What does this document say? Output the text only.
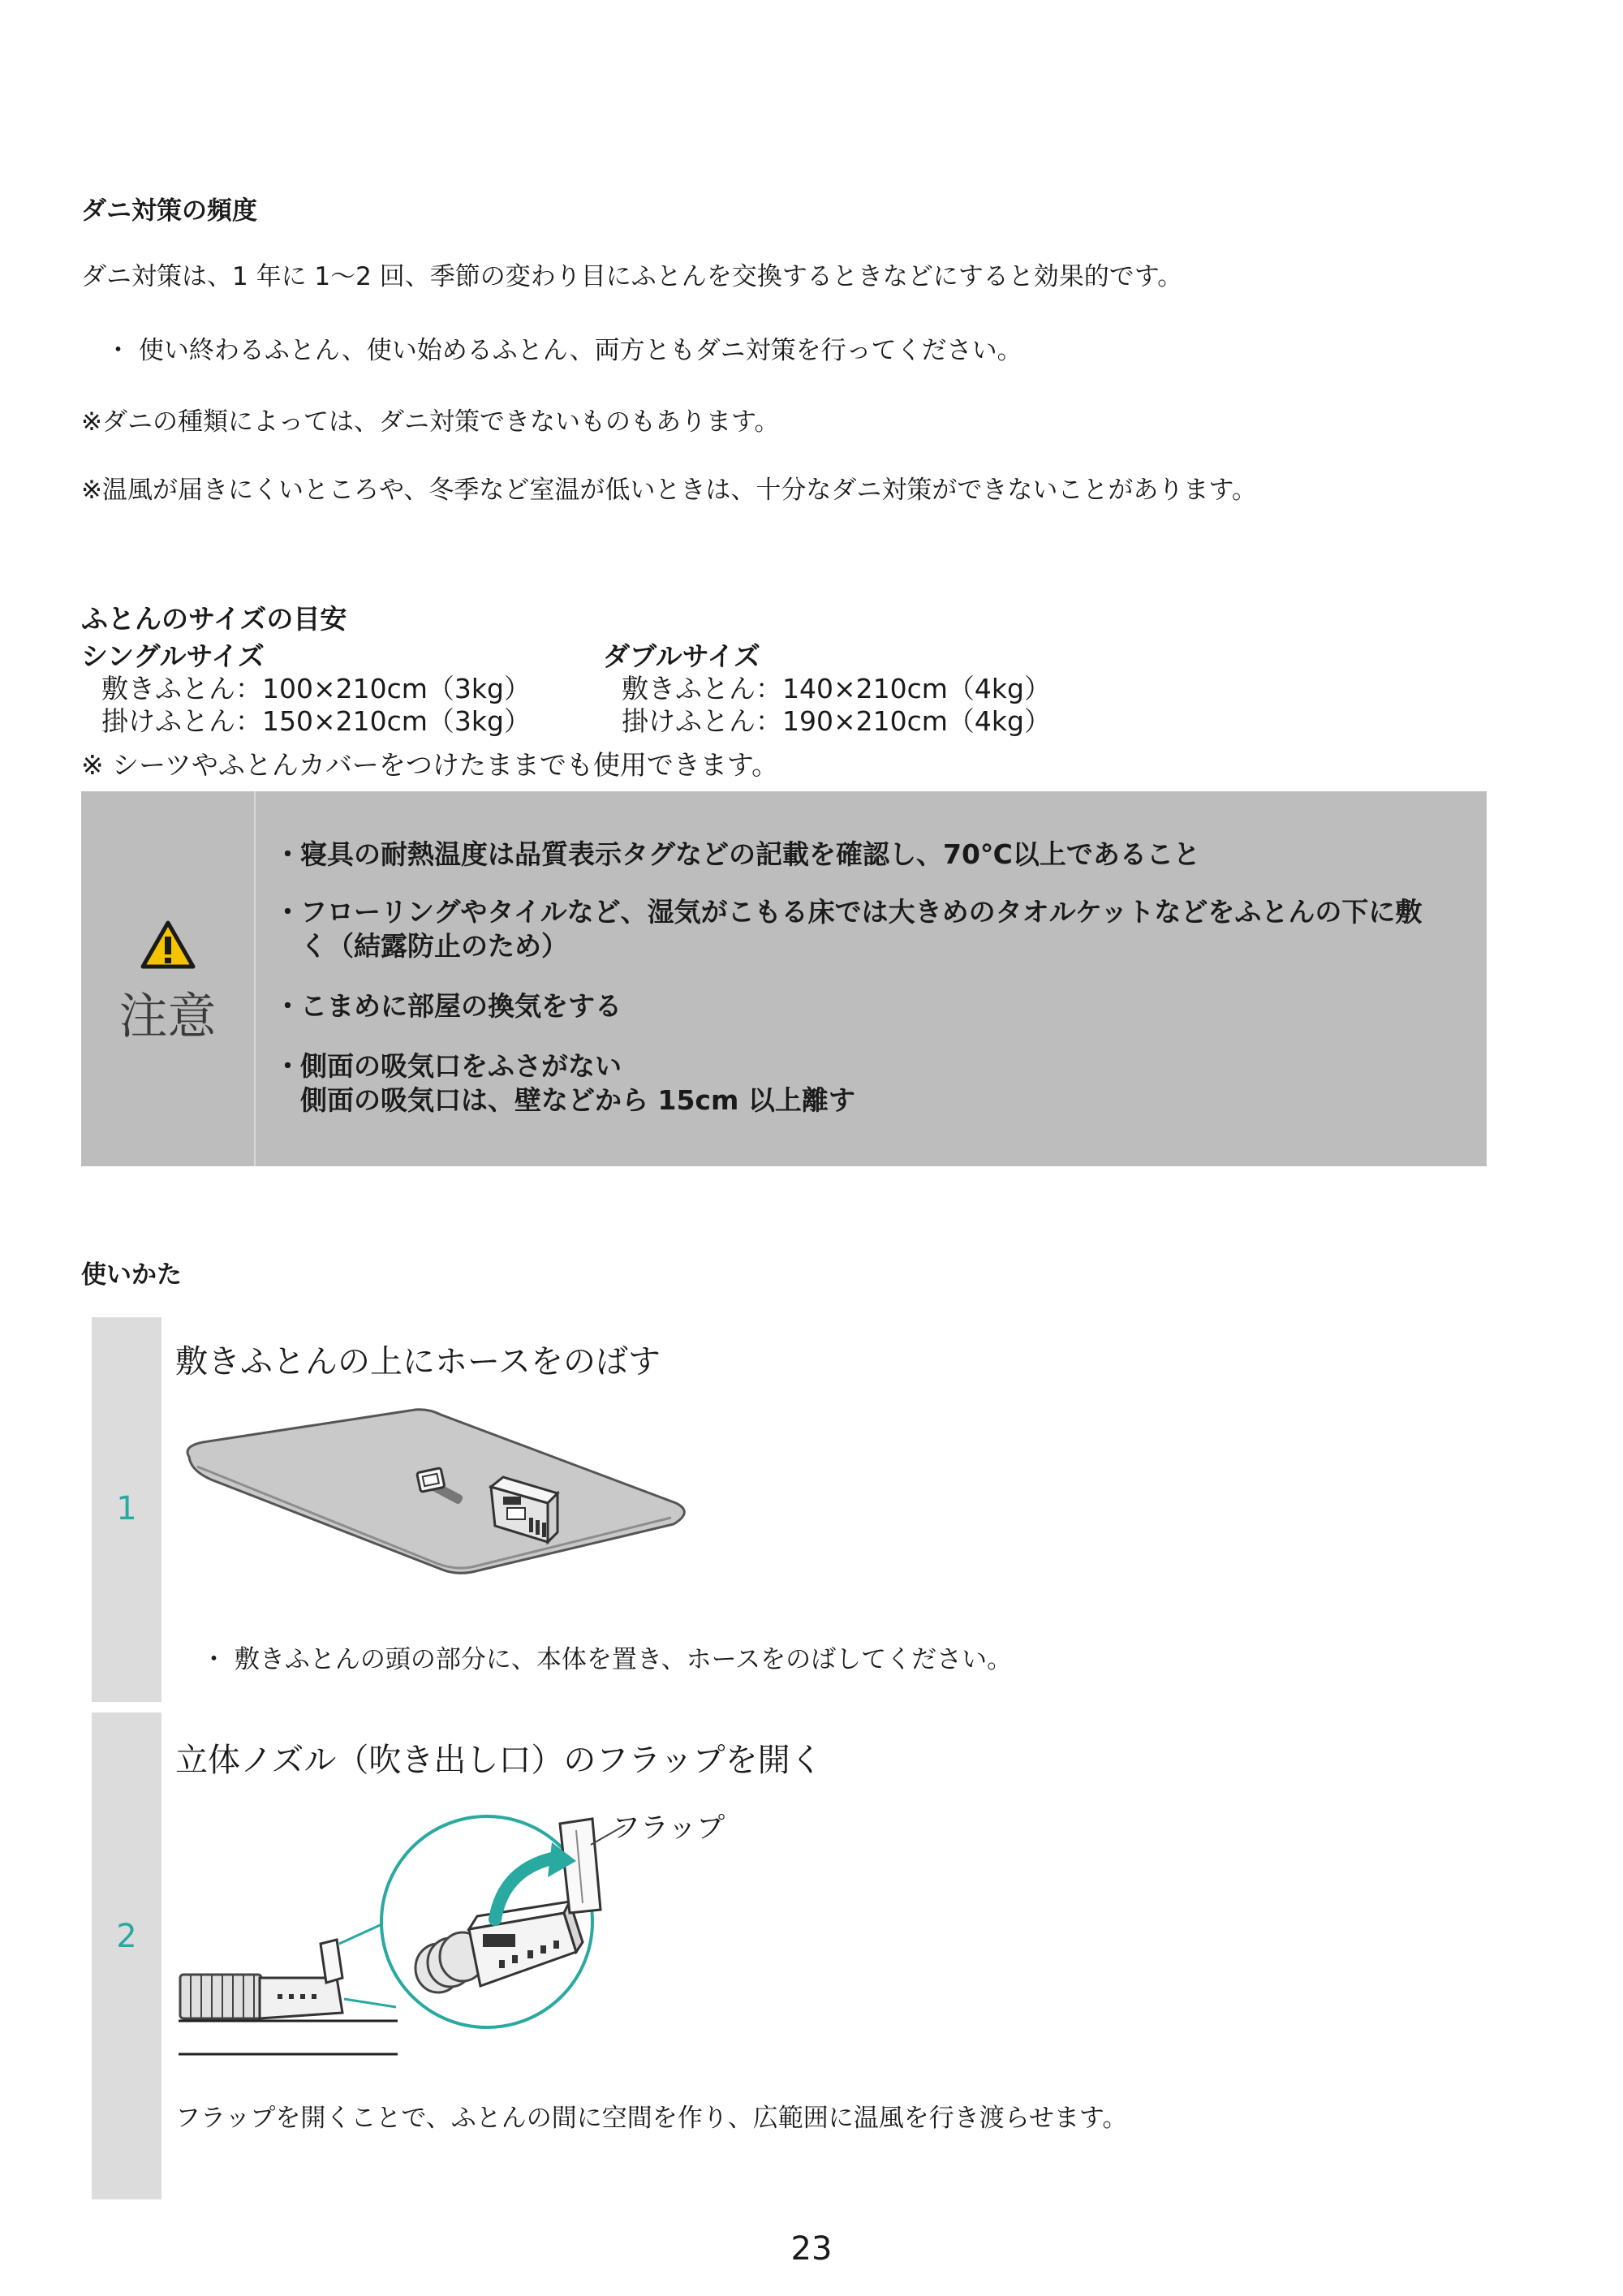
ダニ対策の頻度
ダニ対策は、1 年に 1～2 回、季節の変わり目にふとんを交換するときなどにすると効果的です。
・ 使い終わるふとん、使い始めるふとん、両方ともダニ対策を行ってください。
※ダニの種類によっては、ダニ対策できないものもあります。
※温風が届きにくいところや、冬季など室温が低いときは、十分なダニ対策ができないことがあります。
ふとんのサイズの目安
シングルサイズ
敷きふとん：100×210cm（3kg）
掛けふとん：150×210cm（3kg）
ダブルサイズ
敷きふとん：140×210cm（4kg）
掛けふとん：190×210cm（4kg）
※ シーツやふとんカバーをつけたままでも使用できます。
注意
・ 寝具の耐熱温度は品質表示タグなどの記載を確認し、70℃以上であること
・ フローリングやタイルなど、湿気がこもる床では大きめのタオルケットなどをふとんの下に敷
く（結露防止のため）
・ こまめに部屋の換気をする
・ 側面の吸気口をふさがない
側面の吸気口は、壁などから 15cm 以上離す
使いかた
1
敷きふとんの上にホースをのばす
・ 敷きふとんの頭の部分に、本体を置き、ホースをのばしてください。
2
立体ノズル（吹き出し口）のフラップを開く
フラップ
フラップを開くことで、ふとんの間に空間を作り、広範囲に温風を行き渡らせます。
23
